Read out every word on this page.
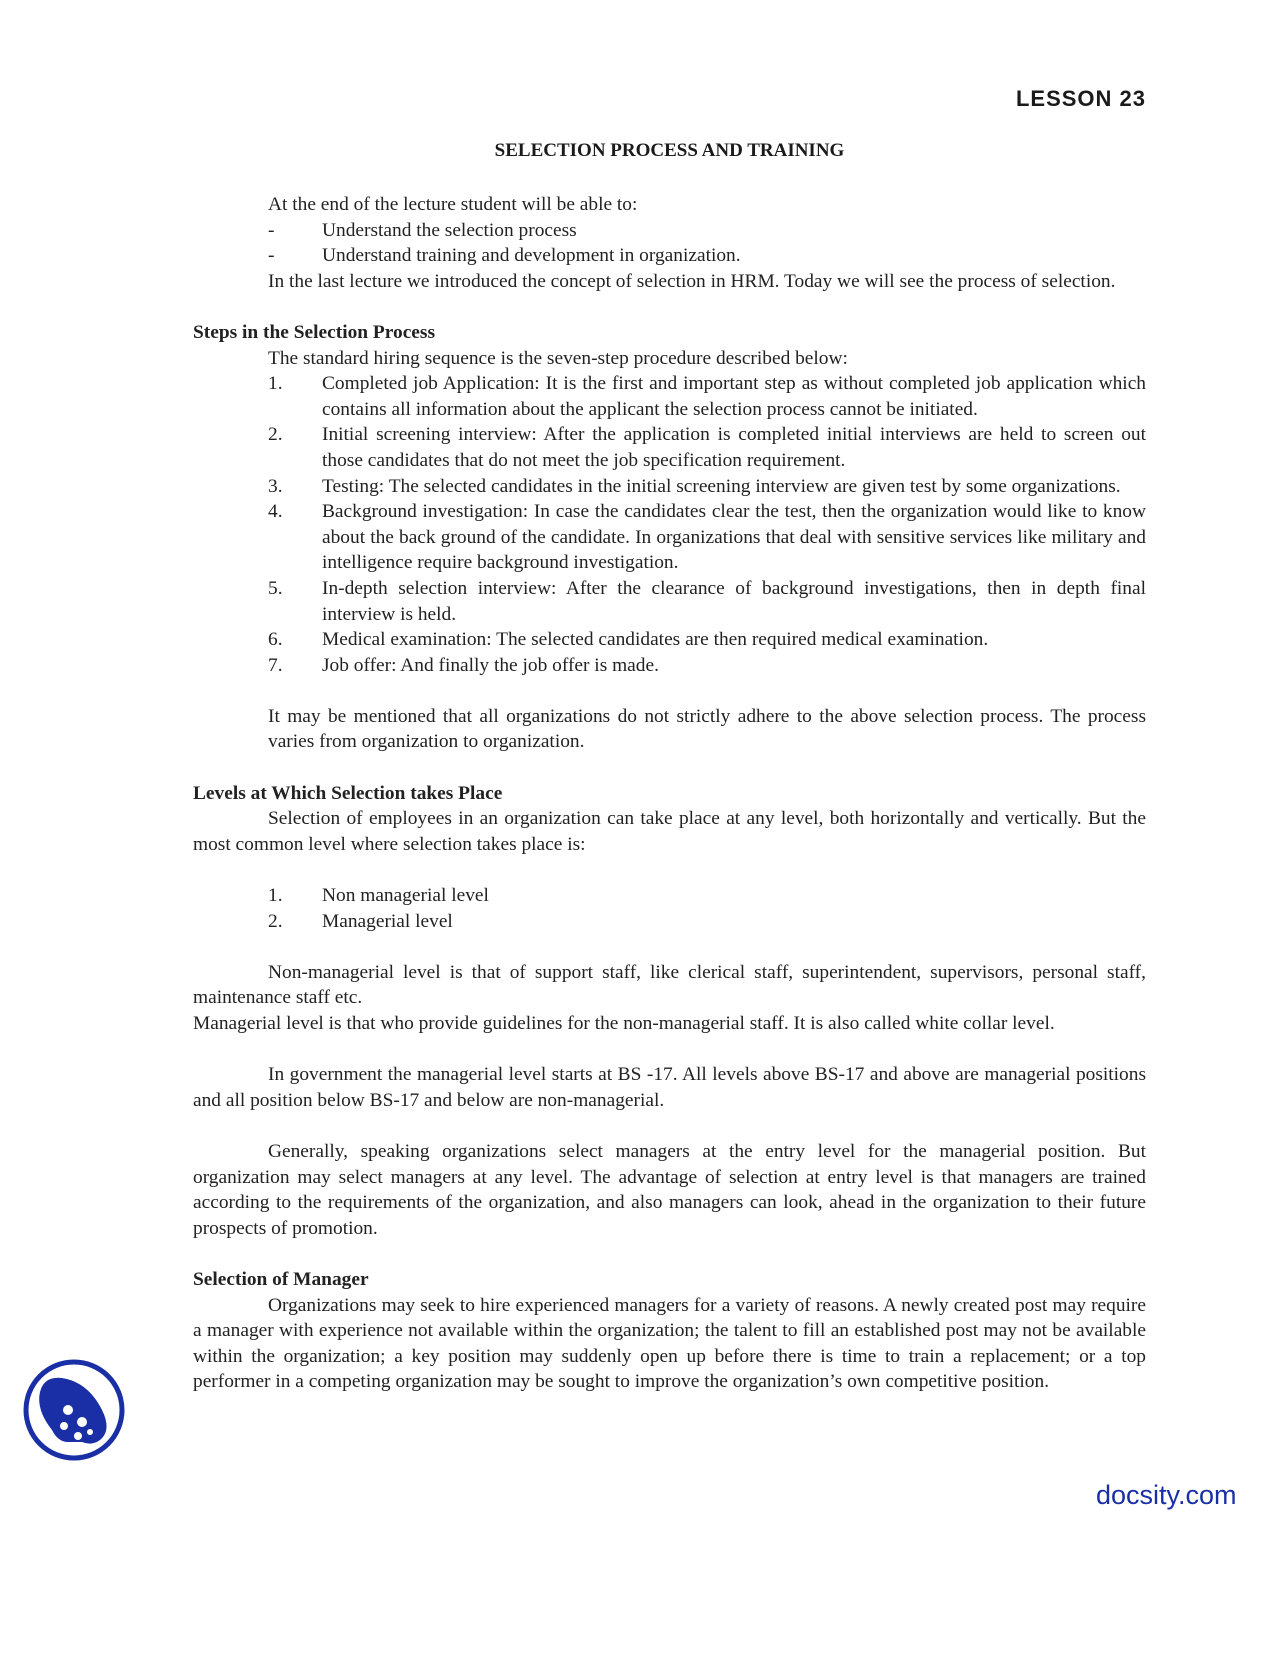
LESSON 23
SELECTION PROCESS AND TRAINING

At the end of the lecture student will be able to:

-	Understand the selection process
-	Understand training and development in organization.

In the last lecture we introduced the concept of selection in HRM. Today we will see the process of selection.

Steps in the Selection Process

The standard hiring sequence is the seven-step procedure described below:

1.	Completed job Application: It is the first and important step as without completed job application which contains all information about the applicant the selection process cannot be initiated.
2.	Initial screening interview: After the application is completed initial interviews are held to screen out those candidates that do not meet the job specification requirement.
3.	Testing: The selected candidates in the initial screening interview are given test by some organizations.
4.	Background investigation: In case the candidates clear the test, then the organization would like to know about the back ground of the candidate. In organizations that deal with sensitive services like military and intelligence require background investigation.
5.	In-depth selection interview: After the clearance of background investigations, then in depth final interview is held.
6.	Medical examination: The selected candidates are then required medical examination.
7.	Job offer: And finally the job offer is made.

It may be mentioned that all organizations do not strictly adhere to the above selection process. The process varies from organization to organization.

Levels at Which Selection takes Place

Selection of employees in an organization can take place at any level, both horizontally and vertically. But the most common level where selection takes place is:

1.	Non managerial level
2.	Managerial level

Non-managerial level is that of support staff, like clerical staff, superintendent, supervisors, personal staff, maintenance staff etc.

Managerial level is that who provide guidelines for the non-managerial staff. It is also called white collar level.

In government the managerial level starts at BS -17. All levels above BS-17 and above are managerial positions and all position below BS-17 and below are non-managerial.

Generally, speaking organizations select managers at the entry level for the managerial position. But organization may select managers at any level. The advantage of selection at entry level is that managers are trained according to the requirements of the organization, and also managers can look, ahead in the organization to their future prospects of promotion.

Selection of Manager

Organizations may seek to hire experienced managers for a variety of reasons. A newly created post may require a manager with experience not available within the organization; the talent to fill an established post may not be available within the organization; a key position may suddenly open up before there is time to train a replacement; or a top performer in a competing organization may be sought to improve the organization’s own competitive position.

docsity.com
